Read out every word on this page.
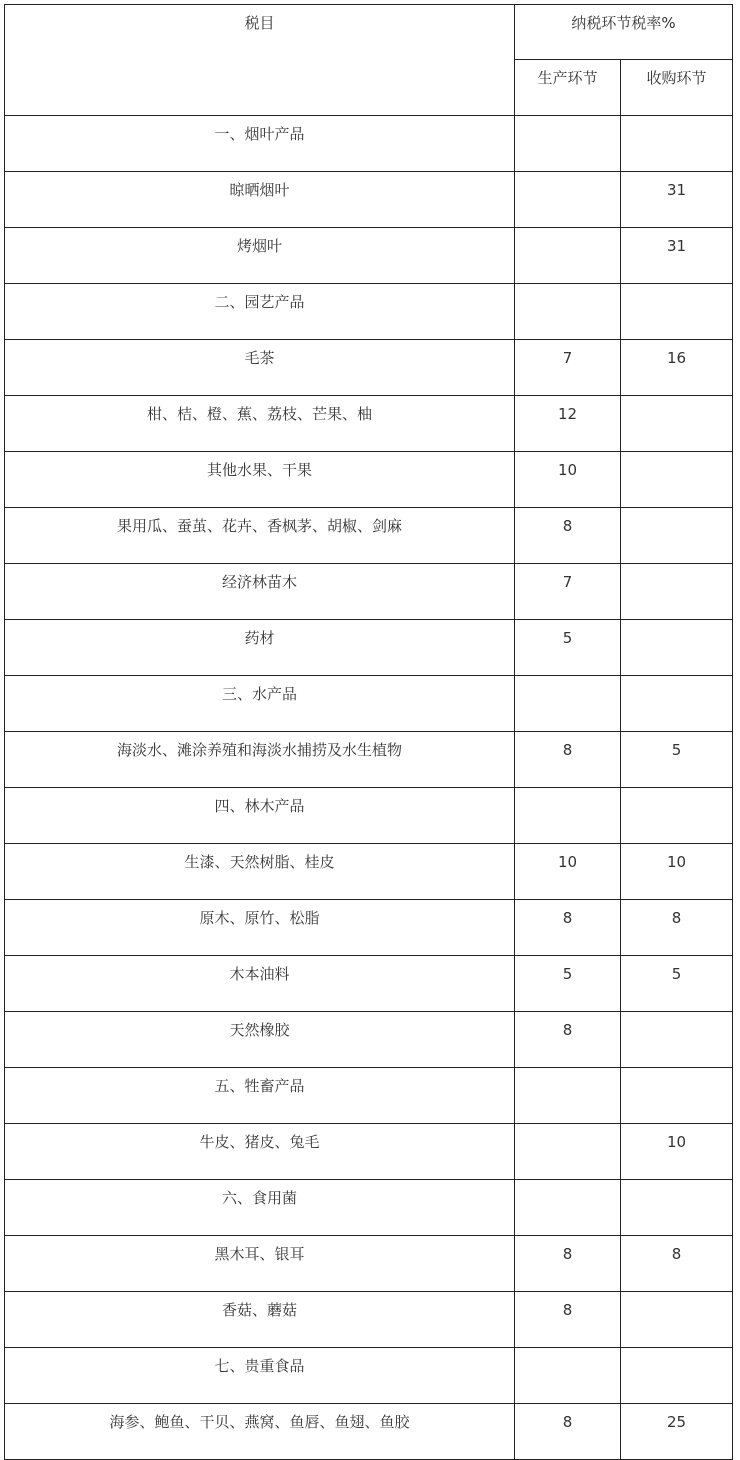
税目	纳税环节税率%	
	生产环节	收购环节
一、烟叶产品		
晾晒烟叶		31
烤烟叶		31
二、园艺产品		
毛茶	7	16
柑、桔、橙、蕉、荔枝、芒果、柚	12	
其他水果、干果	10	
果用瓜、蚕茧、花卉、香枫茅、胡椒、剑麻	8	
经济林苗木	7	
药材	5	
三、水产品		
海淡水、滩涂养殖和海淡水捕捞及水生植物	8	5
四、林木产品		
生漆、天然树脂、桂皮	10	10
原木、原竹、松脂	8	8
木本油料	5	5
天然橡胶	8	
五、牲畜产品		
牛皮、猪皮、兔毛		10
六、食用菌		
黑木耳、银耳	8	8
香菇、蘑菇	8	
七、贵重食品		
海参、鲍鱼、干贝、燕窝、鱼唇、鱼翅、鱼胶	8	25
